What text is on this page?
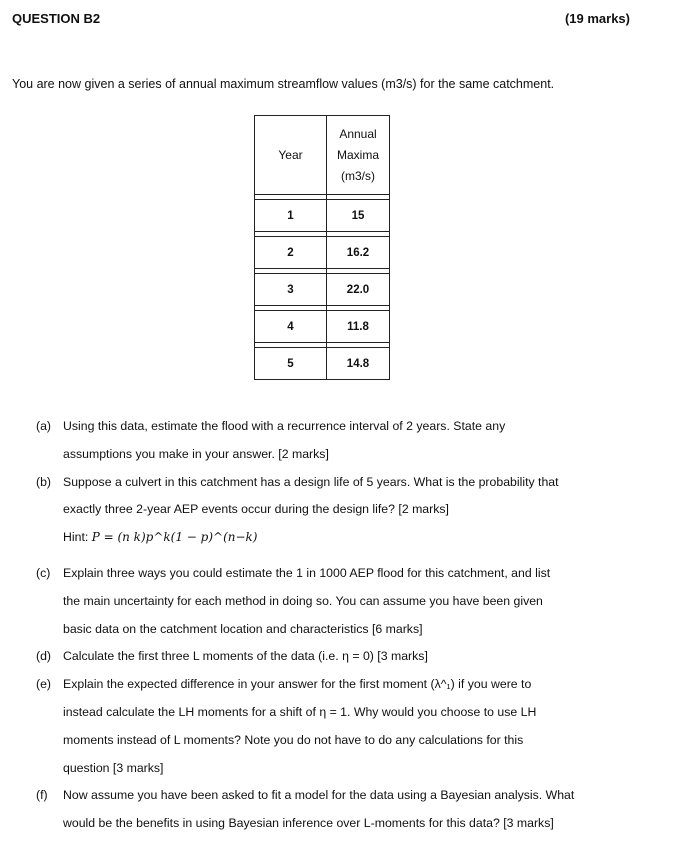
QUESTION B2	(19 marks)
You are now given a series of annual maximum streamflow values (m3/s) for the same catchment.
Year	Annual
Maxima
(m3/s)

1	15

2	16.2

3	22.0

4	11.8

5	14.8
(a) Using this data, estimate the flood with a recurrence interval of 2 years. State any
assumptions you make in your answer. [2 marks]
(b) Suppose a culvert in this catchment has a design life of 5 years. What is the probability that
exactly three 2-year AEP events occur during the design life? [2 marks]
Hint: P = (n k)p^k(1 − p)^(n−k)
(c)	Explain three ways you could estimate the 1 in 1000 AEP flood for this catchment, and list
the main uncertainty for each method in doing so. You can assume you have been given
basic data on the catchment location and characteristics [6 marks]
(d) Calculate the first three L moments of the data (i.e. η = 0) [3 marks]
(e) Explain the expected difference in your answer for the first moment (λ^₁) if you were to
instead calculate the LH moments for a shift of η = 1. Why would you choose to use LH
moments instead of L moments? Note you do not have to do any calculations for this
question [3 marks]
(f)	Now assume you have been asked to fit a model for the data using a Bayesian analysis. What
would be the benefits in using Bayesian inference over L-moments for this data? [3 marks]
